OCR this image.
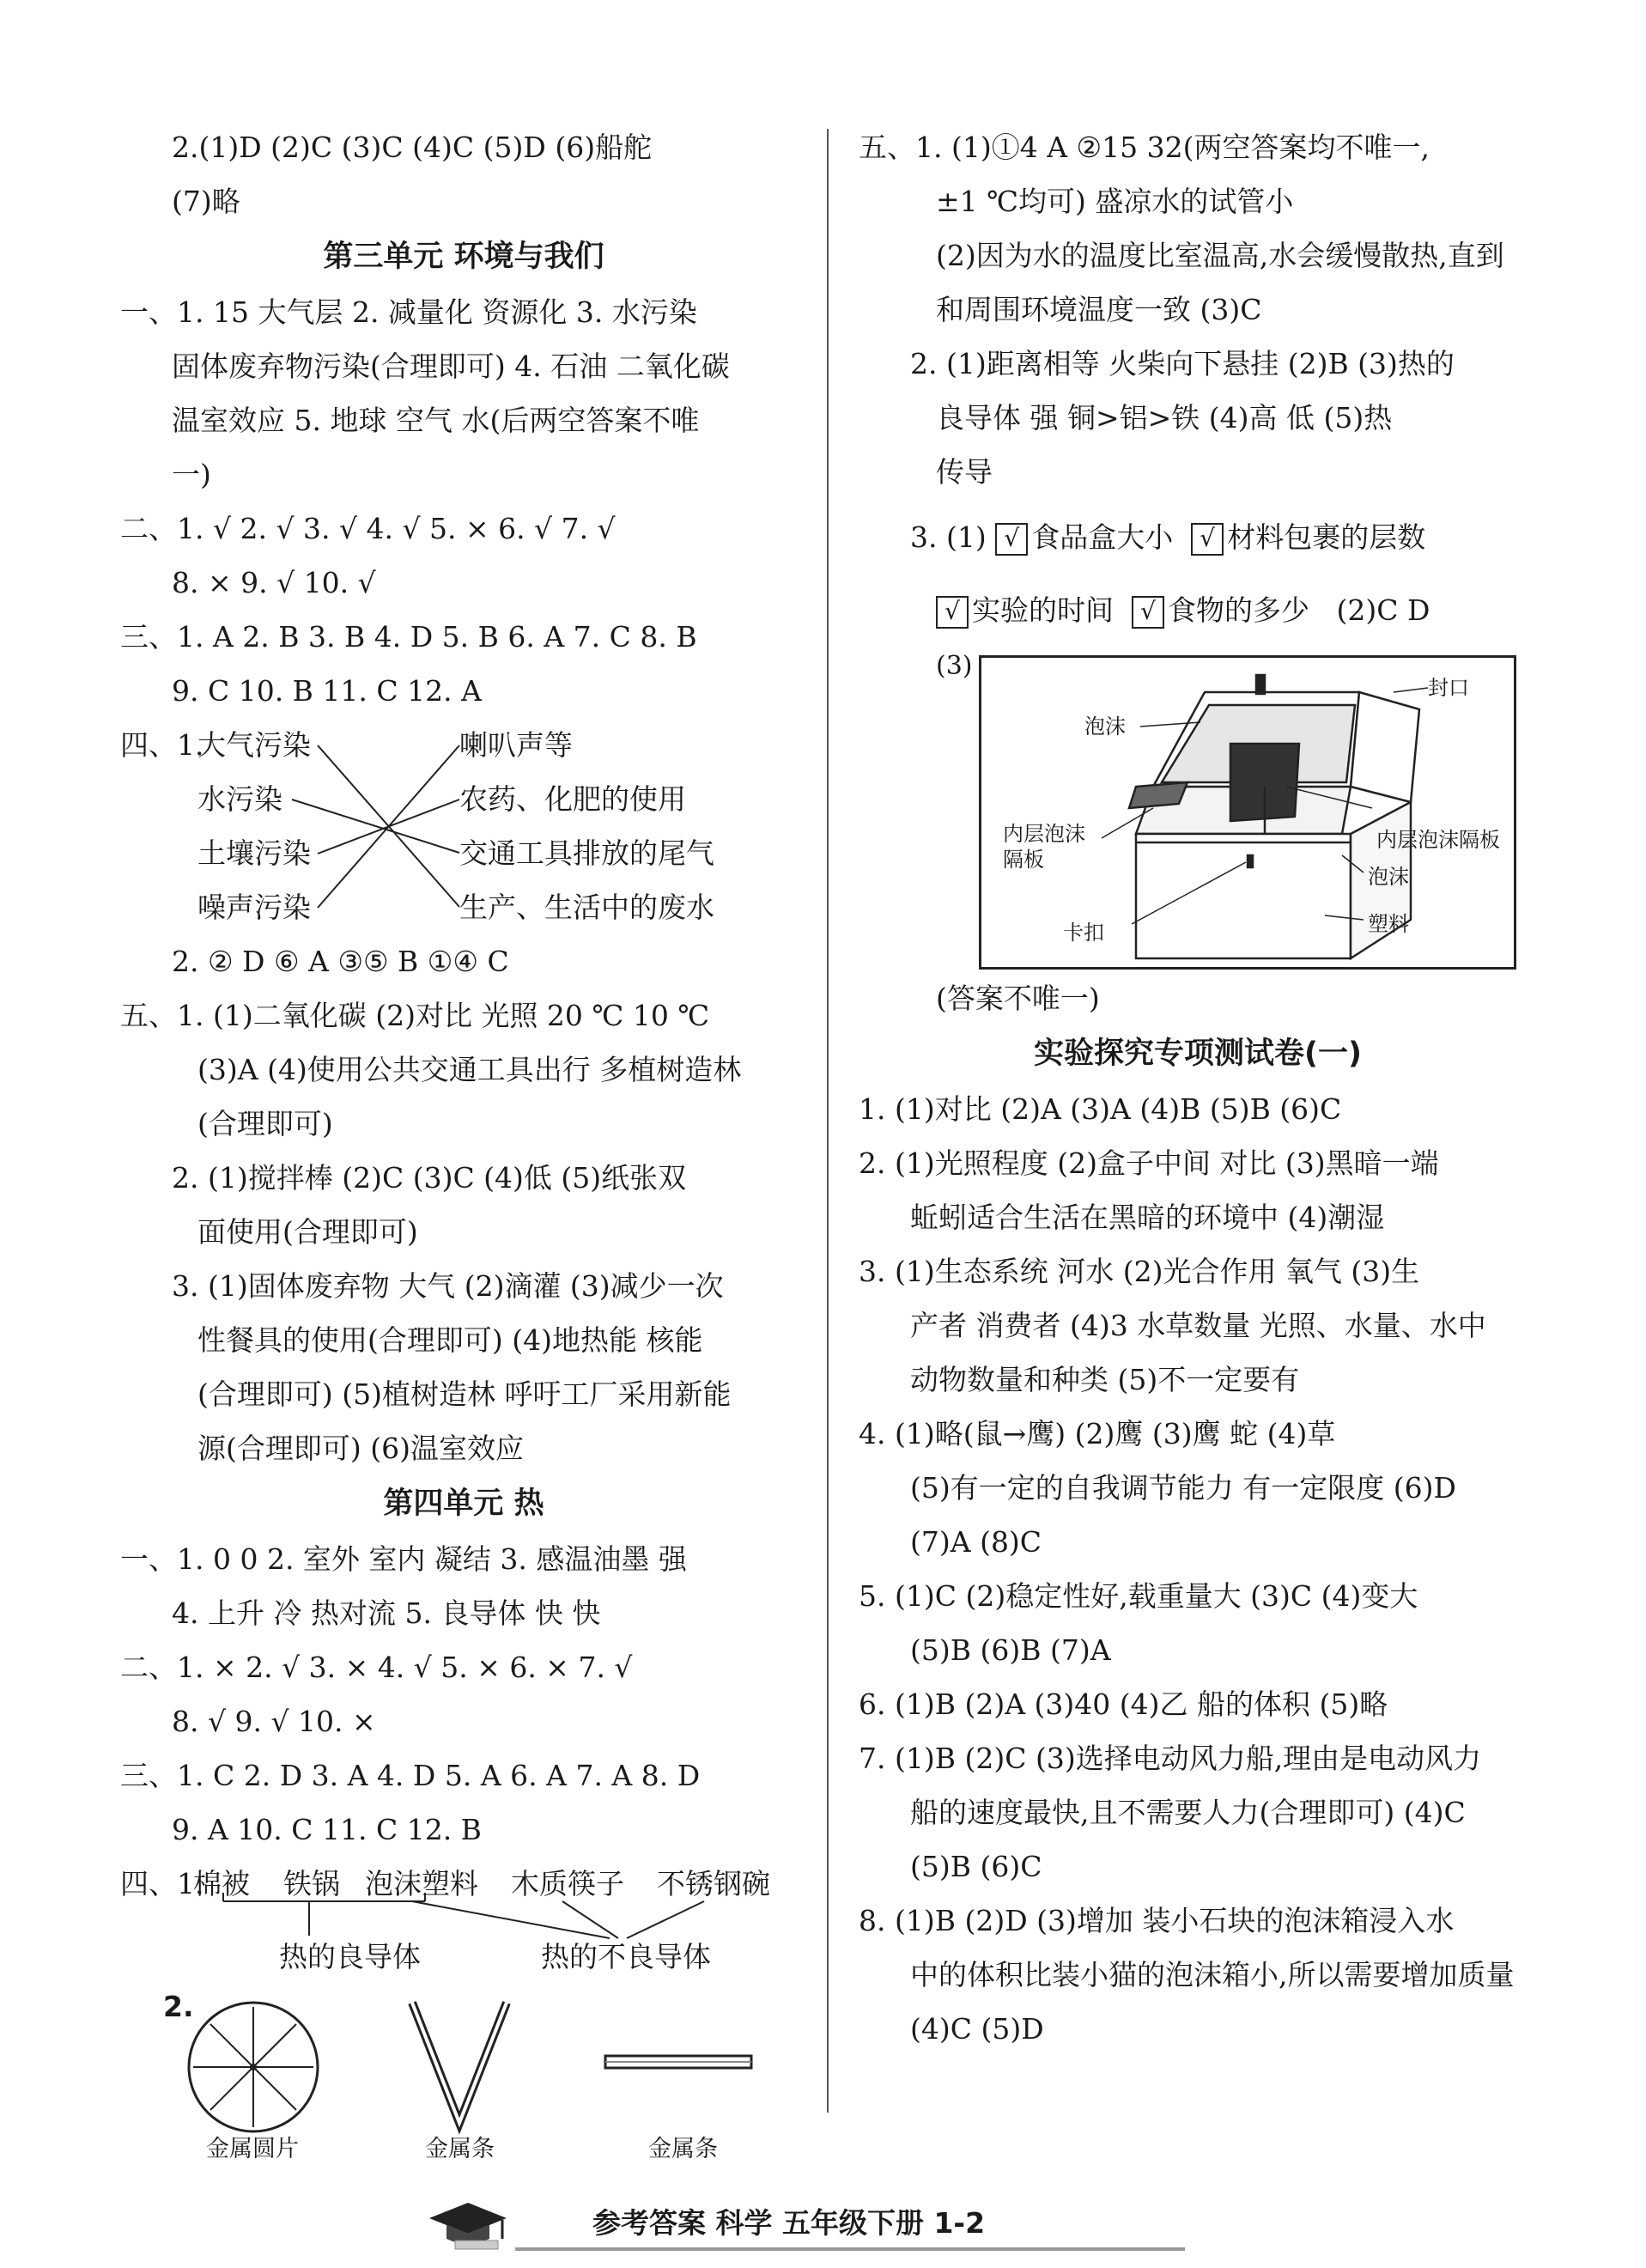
2.(1)D (2)C (3)C (4)C (5)D (6)船舵
(7)略
第三单元 环境与我们
一、1. 15 大气层 2. 减量化 资源化 3. 水污染
固体废弃物污染(合理即可) 4. 石油 二氧化碳
温室效应 5. 地球 空气 水(后两空答案不唯
一)
二、1. √ 2. √ 3. √ 4. √ 5. × 6. √ 7. √
8. × 9. √ 10. √
三、1. A 2. B 3. B 4. D 5. B 6. A 7. C 8. B
9. C 10. B 11. C 12. A
四、1.
大气污染
水污染
土壤污染
噪声污染
喇叭声等
农药、化肥的使用
交通工具排放的尾气
生产、生活中的废水
2. ② D ⑥ A ③⑤ B ①④ C
五、1. (1)二氧化碳 (2)对比 光照 20 ℃ 10 ℃
(3)A (4)使用公共交通工具出行 多植树造林
(合理即可)
2. (1)搅拌棒 (2)C (3)C (4)低 (5)纸张双
面使用(合理即可)
3. (1)固体废弃物 大气 (2)滴灌 (3)减少一次
性餐具的使用(合理即可) (4)地热能 核能
(合理即可) (5)植树造林 呼吁工厂采用新能
源(合理即可) (6)温室效应
第四单元 热
一、1. 0 0 2. 室外 室内 凝结 3. 感温油墨 强
4. 上升 冷 热对流 5. 良导体 快 快
二、1. × 2. √ 3. × 4. √ 5. × 6. × 7. √
8. √ 9. √ 10. ×
三、1. C 2. D 3. A 4. D 5. A 6. A 7. A 8. D
9. A 10. C 11. C 12. B
四、1.
棉被 铁锅 泡沫塑料 木质筷子 不锈钢碗
热的良导体	热的不良导体
2.
金属圆片	金属条	金属条
五、1. (1)①4 A ②15 32(两空答案均不唯一,
±1 ℃均可) 盛凉水的试管小
(2)因为水的温度比室温高,水会缓慢散热,直到
和周围环境温度一致 (3)C
2. (1)距离相等 火柴向下悬挂 (2)B (3)热的
良导体 强 铜>铝>铁 (4)高 低 (5)热
传导
3. (1) √ 食品盒大小 √ 材料包裹的层数
√ 实验的时间 √ 食物的多少 (2)C D
(3)
封口
泡沫
内层泡沫隔板
内层泡沫
隔板
泡沫
塑料
卡扣
(答案不唯一)
实验探究专项测试卷(一)
1. (1)对比 (2)A (3)A (4)B (5)B (6)C
2. (1)光照程度 (2)盒子中间 对比 (3)黑暗一端
蚯蚓适合生活在黑暗的环境中 (4)潮湿
3. (1)生态系统 河水 (2)光合作用 氧气 (3)生
产者 消费者 (4)3 水草数量 光照、水量、水中
动物数量和种类 (5)不一定要有
4. (1)略(鼠→鹰) (2)鹰 (3)鹰 蛇 (4)草
(5)有一定的自我调节能力 有一定限度 (6)D
(7)A (8)C
5. (1)C (2)稳定性好,载重量大 (3)C (4)变大
(5)B (6)B (7)A
6. (1)B (2)A (3)40 (4)乙 船的体积 (5)略
7. (1)B (2)C (3)选择电动风力船,理由是电动风力
船的速度最快,且不需要人力(合理即可) (4)C
(5)B (6)C
8. (1)B (2)D (3)增加 装小石块的泡沫箱浸入水
中的体积比装小猫的泡沫箱小,所以需要增加质量
(4)C (5)D
参考答案 科学 五年级下册 1-2
